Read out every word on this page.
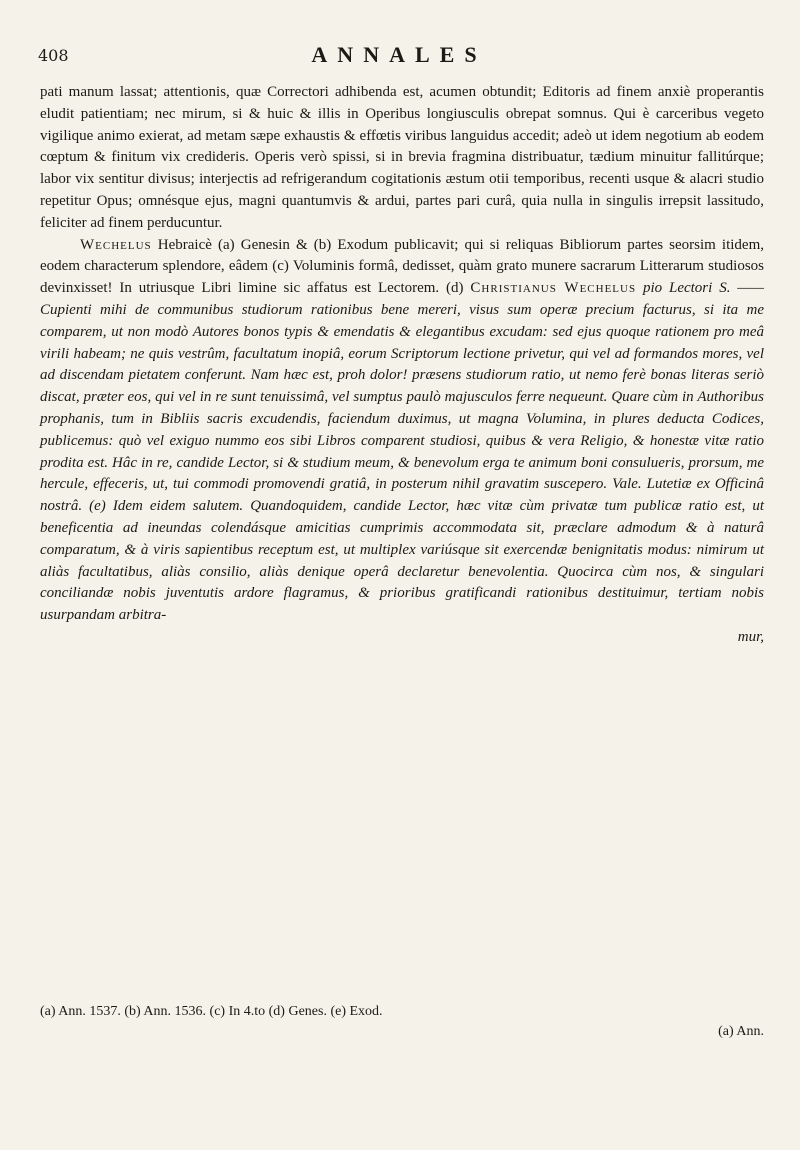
408	ANNALES

pati manum lassat; attentionis, quæ Correctori adhibenda est, acumen obtundit; Editoris ad finem anxiè properantis eludit patientiam; nec mirum, si & huic & illis in Operibus longiusculis obrepat somnus. Qui è carceribus vegeto vigilique animo exierat, ad metam sæpe exhaustis & effœtis viribus languidus accedit; adeò ut idem negotium ab eodem cœptum & finitum vix credideris. Operis verò spissi, si in brevia fragmina distribuatur, tædium minuitur fallitúrque; labor vix sentitur divisus; interjectis ad refrigerandum cogitationis æstum otii temporibus, recenti usque & alacri studio repetitur Opus; omnésque ejus, magni quantumvis & ardui, partes pari curâ, quia nulla in singulis irrepsit lassitudo, feliciter ad finem perducuntur.

Wechelus Hebraicè (a) Genesin & (b) Exodum publicavit; qui si reliquas Bibliorum partes seorsim itidem, eodem characterum splendore, eâdem (c) Voluminis formâ, dedisset, quàm grato munere sacrarum Litterarum studiosos devinxisset! In utriusque Libri limine sic affatus est Lectorem. (d) Christianus Wechelus pio Lectori S. —— Cupienti mihi de communibus studiorum rationibus bene mereri, visus sum operæ precium facturus, si ita me comparem, ut non modò Autores bonos typis & emendatis & elegantibus excudam: sed ejus quoque rationem pro meâ virili habeam; ne quis vestrûm, facultatum inopiâ, eorum Scriptorum lectione privetur, qui vel ad formandos mores, vel ad discendam pietatem conferunt. Nam hæc est, proh dolor! præsens studiorum ratio, ut nemo ferè bonas literas seriò discat, præter eos, qui vel in re sunt tenuissimâ, vel sumptus paulò majusculos ferre nequeunt. Quare cùm in Authoribus prophanis, tum in Bibliis sacris excudendis, faciendum duximus, ut magna Volumina, in plures deducta Codices, publicemus: quò vel exiguo nummo eos sibi Libros comparent studiosi, quibus & vera Religio, & honestæ vitæ ratio prodita est. Hâc in re, candide Lector, si & studium meum, & benevolum erga te animum boni consulueris, prorsum, me hercule, effeceris, ut, tui commodi promovendi gratiâ, in posterum nihil gravatim suscepero. Vale. Lutetiæ ex Officinâ nostrâ. (e) Idem eidem salutem. Quandoquidem, candide Lector, hæc vitæ cùm privatæ tum publicæ ratio est, ut beneficentia ad ineundas colendásque amicitias cumprimis accommodata sit, præclare admodum & à naturâ comparatum, & à viris sapientibus receptum est, ut multiplex variúsque sit exercendæ benignitatis modus: nimirum ut aliàs facultatibus, aliàs consilio, aliàs denique operâ declaretur benevolentia. Quocirca cùm nos, & singulari conciliandæ nobis juventutis ardore flagramus, & prioribus gratificandi rationibus destituimur, tertiam nobis usurpandam arbitra-

mur,

(a) Ann. 1537. (b) Ann. 1536. (c) In 4.to (d) Genes. (e) Exod.

(a) Ann.
